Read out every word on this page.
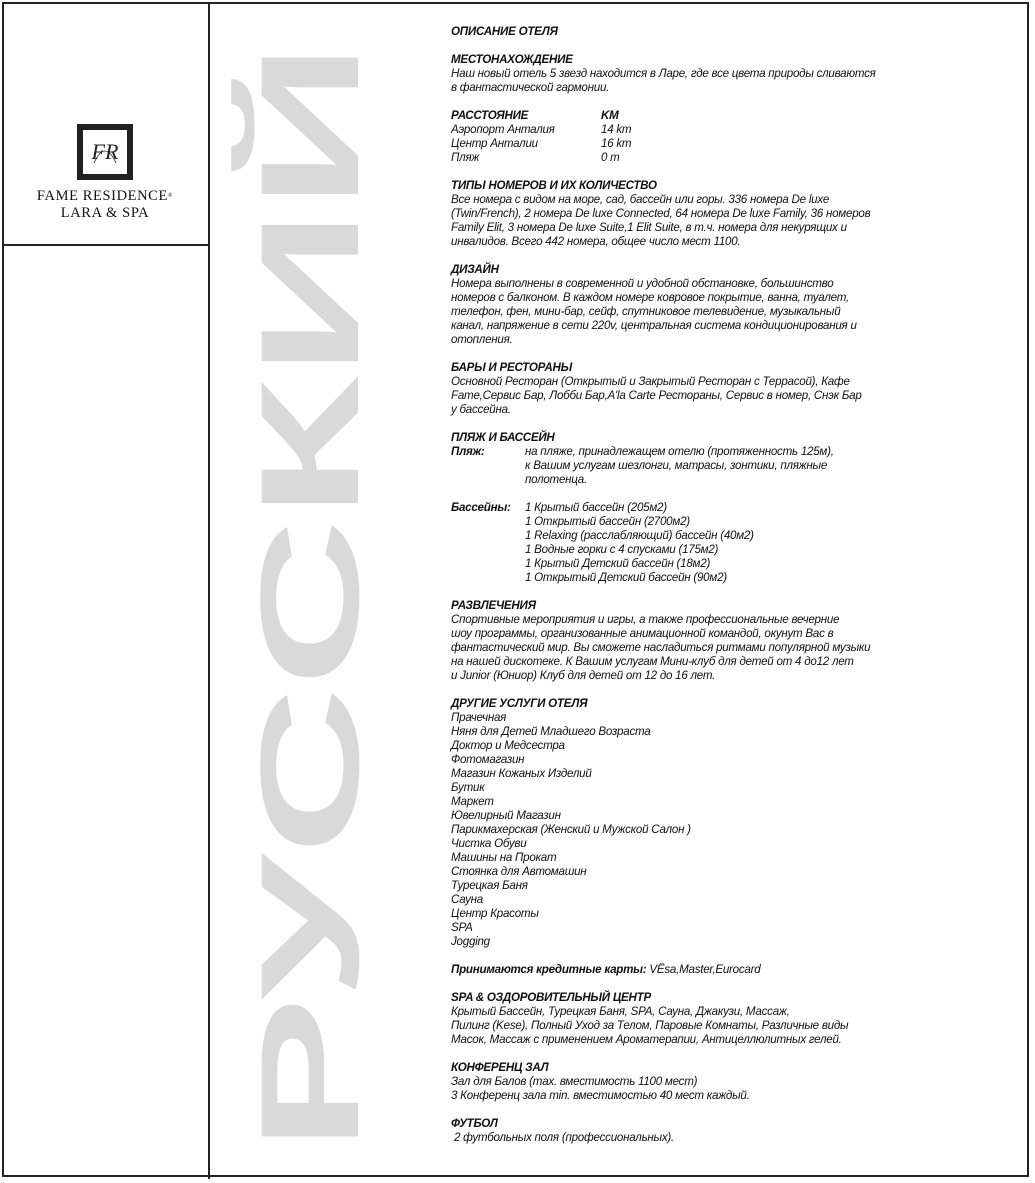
FR
FAME RESIDENCE®
LARA & SPA
РУССКИЙ
ОПИСАНИЕ ОТЕЛЯ
МЕСТОНАХОЖДЕНИЕ

Наш новый отель 5 звезд находится в Ларе, где все цвета природы сливаются

в фантастической гармонии.

РАССТОЯНИЕ	KM
Аэропорт Анталия	14 km
Центр Анталии	16 km
Пляж	0 m
ТИПЫ НОМЕРОВ И ИХ КОЛИЧЕСТВО

Все номера с видом на море, сад, бассейн или горы. 336 номера De luxe

(Twin/French), 2 номера De luxe Connected, 64 номера De luxe Family, 36 номеров

Family Elit, 3 номера De luxe Suite,1 Elit Suite, в т.ч. номера для некурящих и

инвалидов. Всего 442 номера, общее число мест 1100.

ДИЗАЙН

Номера выполнены в современной и удобной обстановке, большинство

номеров с балконом. В каждом номере ковровое покрытие, ванна, туалет,

телефон, фен, мини-бар, сейф, спутниковое телевидение, музыкальный

канал, напряжение в сети 220v, центральная система кондиционирования и

отопления.

БАРЫ И РЕСТОРАНЫ

Основной Ресторан (Открытый и Закрытый Ресторан с Террасой), Кафе

Fame,Сервис Бар, Лобби Бар,A'la Carte Рестораны, Сервис в номер, Снэк Бар

у бассейна.

ПЛЯЖ И БАССЕЙН
Пляж:	на пляже, принадлежащем отелю (протяженность 125м),

к Вашим услугам шезлонги, матрасы, зонтики, пляжные

полотенца.

Бассейны:	1 Крытый бассейн (205м2)

1 Открытый бассейн (2700м2)

1 Relaxing (расслабляющий) бассейн (40м2)

1 Водные горки с 4 спусками (175м2)

1 Крытый Детский бассейн (18м2)

1 Открытый Детский бассейн (90м2)

РАЗВЛЕЧЕНИЯ

Спортивные мероприятия и игры, а также профессиональные вечерние

шоу программы, организованные анимационной командой, окунут Вас в

фантастический мир. Вы сможете насладиться ритмами популярной музыки

на нашей дискотеке. К Вашим услугам Мини-клуб для детей от 4 до12 лет

и Junior (Юниор) Клуб для детей от 12 до 16 лет.

ДРУГИЕ УСЛУГИ ОТЕЛЯ

Прачечная

Няня для Детей Младшего Возраста

Доктор и Медсестра

Фотомагазин

Магазин Кожаных Изделий

Бутик

Маркет

Ювелирный Магазин

Парикмахерская (Женский и Мужской Салон )

Чистка Обуви

Машины на Прокат

Стоянка для Автомашин

Турецкая Баня

Сауна

Центр Красоты

SPA

Jogging

Принимаются кредитные карты: VЁsa,Master,Eurocard

SPA & ОЗДОРОВИТЕЛЬНЫЙ ЦЕНТР

Крытый Бассейн, Турецкая Баня, SPA, Сауна, Джакузи, Массаж,

Пилинг (Kese), Полный Уход за Телом, Паровые Комнаты, Различные виды

Масок, Массаж с применением Ароматерапии, Антицеллюлитных гелей.

КОНФЕРЕНЦ ЗАЛ

Зал для Балов (max. вместимость 1100 мест)

3 Конференц зала min. вместимостью 40 мест каждый.

ФУТБОЛ

2 футбольных поля (профессиональных).
